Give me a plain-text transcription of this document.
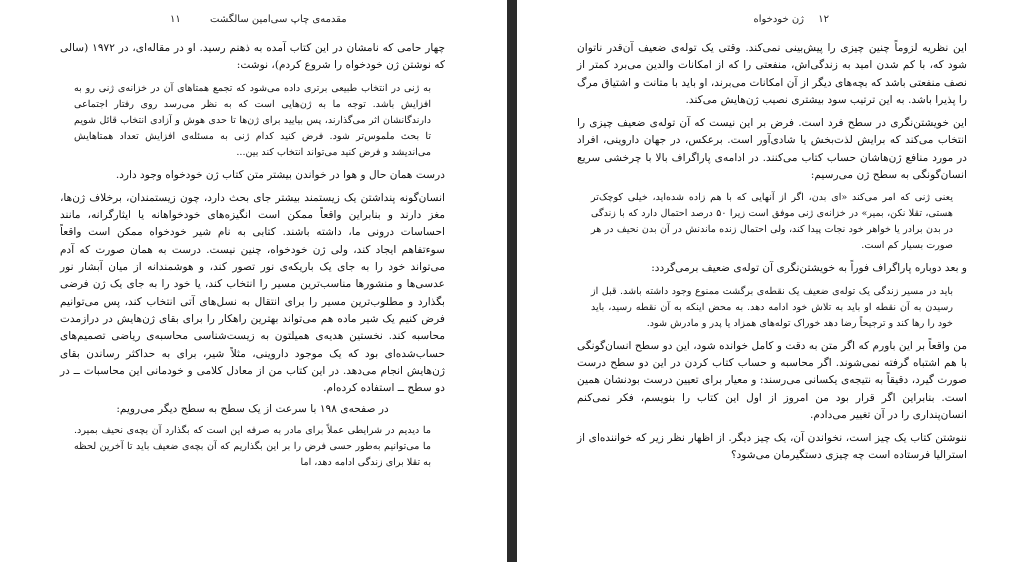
۱۱	مقدمه‌ی چاپ سی‌امین سالگشت

چهار حامی که نامشان در این کتاب آمده به ذهنم رسید. او در مقاله‌ای، در ۱۹۷۲ (سالی که نوشتن ژن خودخواه را شروع کردم)، نوشت:

به ژنی در انتخاب طبیعی برتری داده می‌شود که تجمع همتاهای آن در خزانه‌ی ژنی رو به افزایش باشد. توجه ما به ژن‌هایی است که به نظر می‌رسد روی رفتار اجتماعی دارندگانشان اثر می‌گذارند، پس بیایید برای ژن‌ها تا حدی هوش و آزادی انتخاب قائل شویم تا بحث ملموس‌تر شود. فرض کنید کدام ژنی به مسئله‌ی افزایش تعداد همتاهایش می‌اندیشد و فرض کنید می‌تواند انتخاب کند بین...

درست همان حال و هوا در خواندن بیشتر متن کتاب ژن خودخواه وجود دارد.

انسان‌گونه پنداشتن یک زیستمند بیشتر جای بحث دارد، چون زیستمندان، برخلاف ژن‌ها، مغز دارند و بنابراین واقعاً ممکن است انگیزه‌های خودخواهانه یا ایثارگرانه، مانند احساسات درونی ما، داشته باشند. کتابی به نام شیر خودخواه ممکن است واقعاً سوءتفاهم ایجاد کند، ولی ژن خودخواه، چنین نیست. درست به همان صورت که آدم می‌تواند خود را به جای یک باریکه‌ی نور تصور کند، و هوشمندانه از میان آبشار نور عدسی‌ها و منشورها مناسب‌ترین مسیر را انتخاب کند، یا خود را به جای یک ژن فرضی بگذارد و مطلوب‌ترین مسیر را برای انتقال به نسل‌های آتی انتخاب کند، پس می‌توانیم فرض کنیم یک شیر ماده هم می‌تواند بهترین راهکار را برای بقای ژن‌هایش در درازمدت محاسبه کند. نخستین هدیه‌ی همیلتون به زیست‌شناسی محاسبه‌ی ریاضی تصمیم‌های حساب‌شده‌ای بود که یک موجود داروینی، مثلاً شیر، برای به حداکثر رساندن بقای ژن‌هایش انجام می‌دهد. در این کتاب من از معادل کلامی و خودمانی این محاسبات ــ در دو سطح ــ استفاده کرده‌ام.

در صفحه‌ی ۱۹۸ با سرعت از یک سطح به سطح دیگر می‌رویم:

ما دیدیم در شرایطی عملاً برای مادر به صرفه این است که بگذارد آن بچه‌ی نحیف بمیرد. ما می‌توانیم به‌طور حسی فرض را بر این بگذاریم که آن بچه‌ی ضعیف باید تا آخرین لحظه به تقلا برای زندگی ادامه دهد، اما

۱۲
ژن خودخواه

این نظریه لزوماً چنین چیزی را پیش‌بینی نمی‌کند. وقتی یک توله‌ی ضعیف آن‌قدر ناتوان شود که، با کم شدن امید به زندگی‌اش، منفعتی را که از امکانات والدین می‌برد کمتر از نصف منفعتی باشد که بچه‌های دیگر از آن امکانات می‌برند، او باید با متانت و اشتیاق مرگ را پذیرا باشد. به این ترتیب سود بیشتری نصیب ژن‌هایش می‌کند.

این خویشتن‌نگری در سطح فرد است. فرض بر این نیست که آن توله‌ی ضعیف چیزی را انتخاب می‌کند که برایش لذت‌بخش یا شادی‌آور است. برعکس، در جهان داروینی، افراد در مورد منافع ژن‌هاشان حساب کتاب می‌کنند. در ادامه‌ی پاراگراف بالا با چرخشی سریع انسان‌گونگی به سطح ژن می‌رسیم:

یعنی ژنی که امر می‌کند «ای بدن، اگر از آنهایی که با هم زاده شده‌اید، خیلی کوچک‌تر هستی، تقلا نکن، بمیر» در خزانه‌ی ژنی موفق است زیرا ۵۰ درصد احتمال دارد که با زندگی در بدن برادر یا خواهر خود نجات پیدا کند، ولی احتمال زنده ماندنش در آن بدن نحیف در هر صورت بسیار کم است.

و بعد دوباره پاراگراف فوراً به خویشتن‌نگری آن توله‌ی ضعیف برمی‌گردد:

باید در مسیر زندگی یک توله‌ی ضعیف یک نقطه‌ی برگشت ممنوع وجود داشته باشد. قبل از رسیدن به آن نقطه او باید به تلاش خود ادامه دهد. به محض اینکه به آن نقطه رسید، باید خود را رها کند و ترجیحاً رضا دهد خوراک توله‌های همزاد یا پدر و مادرش شود.

من واقعاً بر این باورم که اگر متن به دقت و کامل خوانده شود، این دو سطح انسان‌گونگی با هم اشتباه گرفته نمی‌شوند. اگر محاسبه و حساب کتاب کردن در این دو سطح درست صورت گیرد، دقیقاً به نتیجه‌ی یکسانی می‌رسند: و معیار برای تعیین درست بودنشان همین است. بنابراین اگر قرار بود من امروز از اول این کتاب را بنویسم، فکر نمی‌کنم انسان‌پنداری را در آن تغییر می‌دادم.

ننوشتن کتاب یک چیز است، نخواندن آن، یک چیز دیگر. از اظهار نظر زیر که خواننده‌ای از استرالیا فرستاده است چه چیزی دستگیرمان می‌شود؟
